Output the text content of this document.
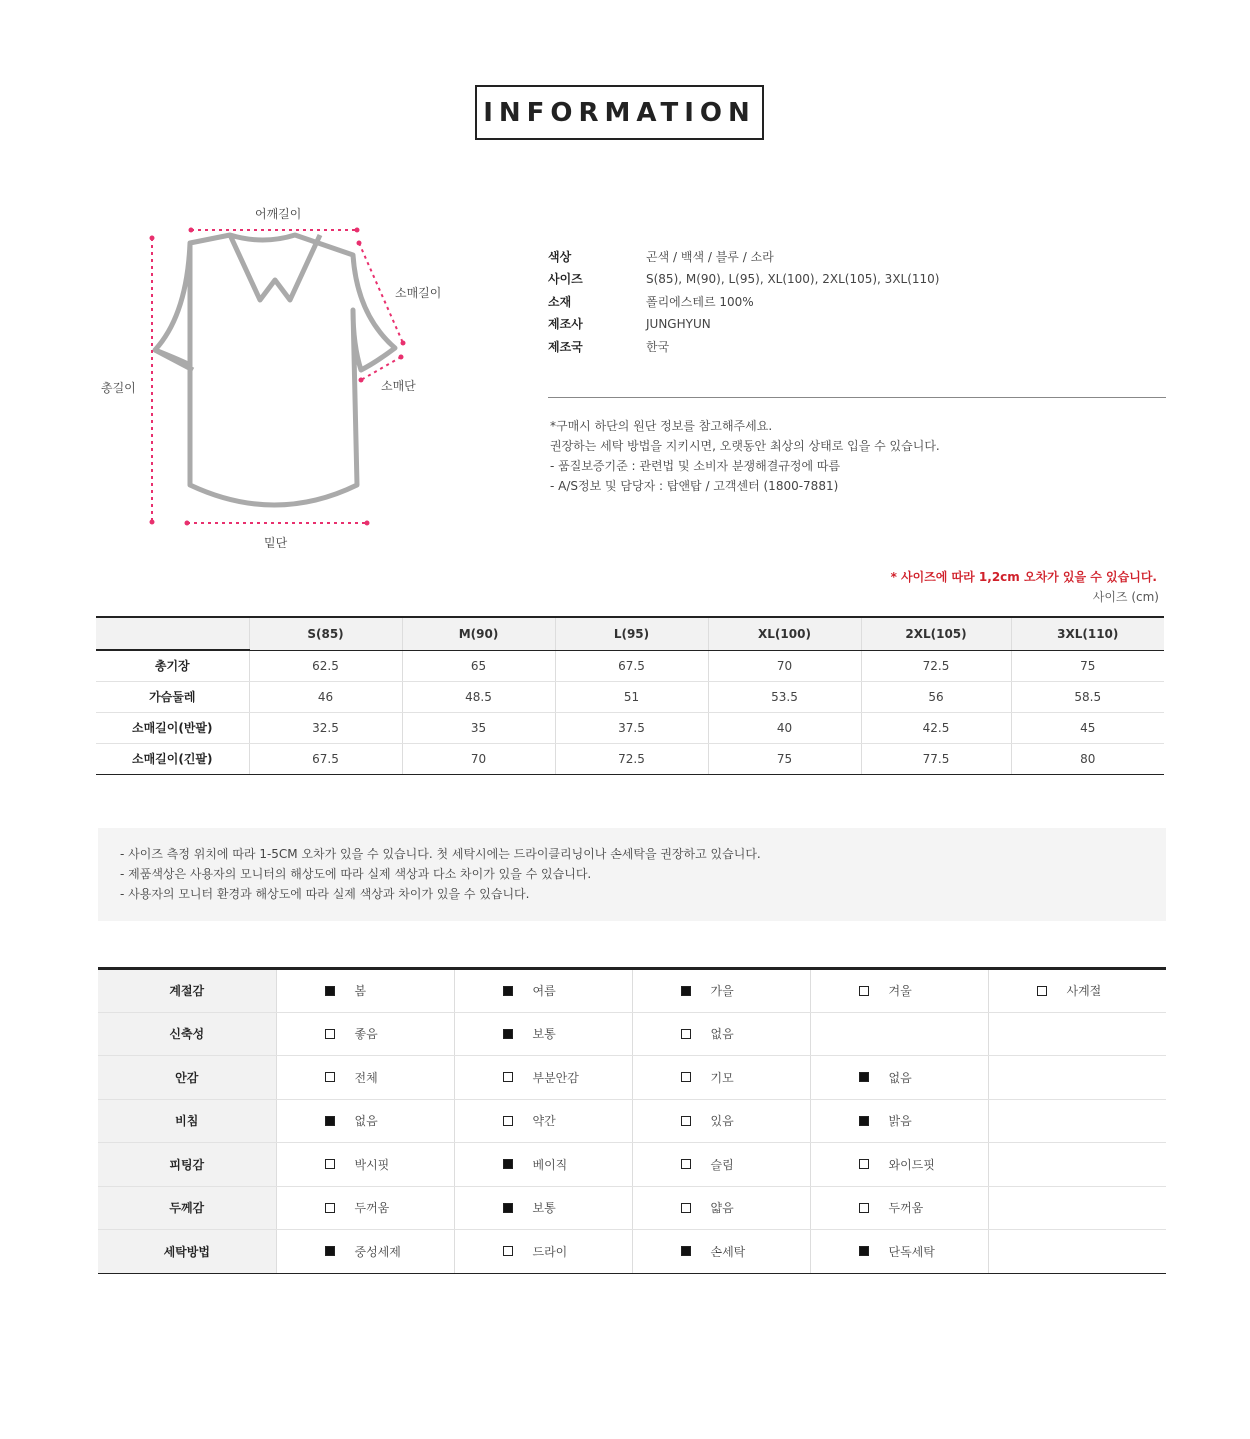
INFORMATION
어깨길이
소매길이
소매단
총길이
밑단
색상	곤색 / 백색 / 블루 / 소라
사이즈	S(85), M(90), L(95), XL(100), 2XL(105), 3XL(110)
소재	폴리에스테르 100%
제조사	JUNGHYUN
제조국	한국
*구매시 하단의 원단 정보를 참고해주세요.
권장하는 세탁 방법을 지키시면, 오랫동안 최상의 상태로 입을 수 있습니다.
- 품질보증기준 : 관련법 및 소비자 분쟁해결규정에 따름
- A/S정보 및 담당자 : 탑앤탑 / 고객센터 (1800-7881)
* 사이즈에 따라 1,2cm 오차가 있을 수 있습니다.
사이즈 (cm)
	S(85)	M(90)	L(95)	XL(100)	2XL(105)	3XL(110)
총기장	62.5	65	67.5	70	72.5	75
가슴둘레	46	48.5	51	53.5	56	58.5
소매길이(반팔)	32.5	35	37.5	40	42.5	45
소매길이(긴팔)	67.5	70	72.5	75	77.5	80
- 사이즈 측정 위치에 따라 1-5CM 오차가 있을 수 있습니다. 첫 세탁시에는 드라이클리닝이나 손세탁을 권장하고 있습니다.
- 제품색상은 사용자의 모니터의 해상도에 따라 실제 색상과 다소 차이가 있을 수 있습니다.
- 사용자의 모니터 환경과 해상도에 따라 실제 색상과 차이가 있을 수 있습니다.
계절감	봄	여름	가을	겨울	사계절

신축성	좋음	보통	없음		

안감	전체	부분안감	기모	없음	

비침	없음	약간	있음	밝음	

피팅감	박시핏	베이직	슬림	와이드핏	

두께감	두꺼움	보통	얇음	두꺼움	

세탁방법	중성세제	드라이	손세탁	단독세탁	
